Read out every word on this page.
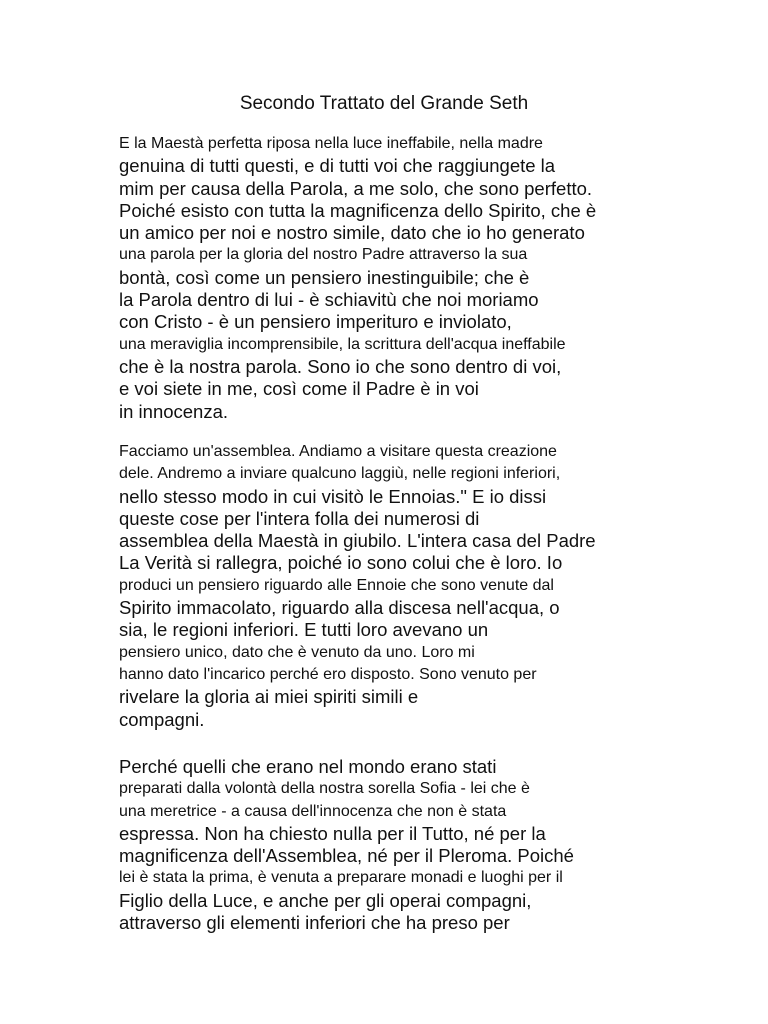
Secondo Trattato del Grande Seth
E la Maestà perfetta riposa nella luce ineffabile, nella madre
genuina di tutti questi, e di tutti voi che raggiungete la
mim per causa della Parola, a me solo, che sono perfetto.
Poiché esisto con tutta la magnificenza dello Spirito, che è
un amico per noi e nostro simile, dato che io ho generato
una parola per la gloria del nostro Padre attraverso la sua
bontà, così come un pensiero inestinguibile; che è
la Parola dentro di lui - è schiavitù che noi moriamo
con Cristo - è un pensiero imperituro e inviolato,
una meraviglia incomprensibile, la scrittura dell'acqua ineffabile
che è la nostra parola. Sono io che sono dentro di voi,
e voi siete in me, così come il Padre è in voi
in innocenza.
Facciamo un'assemblea. Andiamo a visitare questa creazione
dele. Andremo a inviare qualcuno laggiù, nelle regioni inferiori,
nello stesso modo in cui visitò le Ennoias." E io dissi
queste cose per l'intera folla dei numerosi di
assemblea della Maestà in giubilo. L'intera casa del Padre
La Verità si rallegra, poiché io sono colui che è loro. Io
produci un pensiero riguardo alle Ennoie che sono venute dal
Spirito immacolato, riguardo alla discesa nell'acqua, o
sia, le regioni inferiori. E tutti loro avevano un
pensiero unico, dato che è venuto da uno. Loro mi
hanno dato l'incarico perché ero disposto. Sono venuto per
rivelare la gloria ai miei spiriti simili e
compagni.
Perché quelli che erano nel mondo erano stati
preparati dalla volontà della nostra sorella Sofia - lei che è
una meretrice - a causa dell'innocenza che non è stata
espressa. Non ha chiesto nulla per il Tutto, né per la
magnificenza dell'Assemblea, né per il Pleroma. Poiché
lei è stata la prima, è venuta a preparare monadi e luoghi per il
Figlio della Luce, e anche per gli operai compagni,
attraverso gli elementi inferiori che ha preso per
